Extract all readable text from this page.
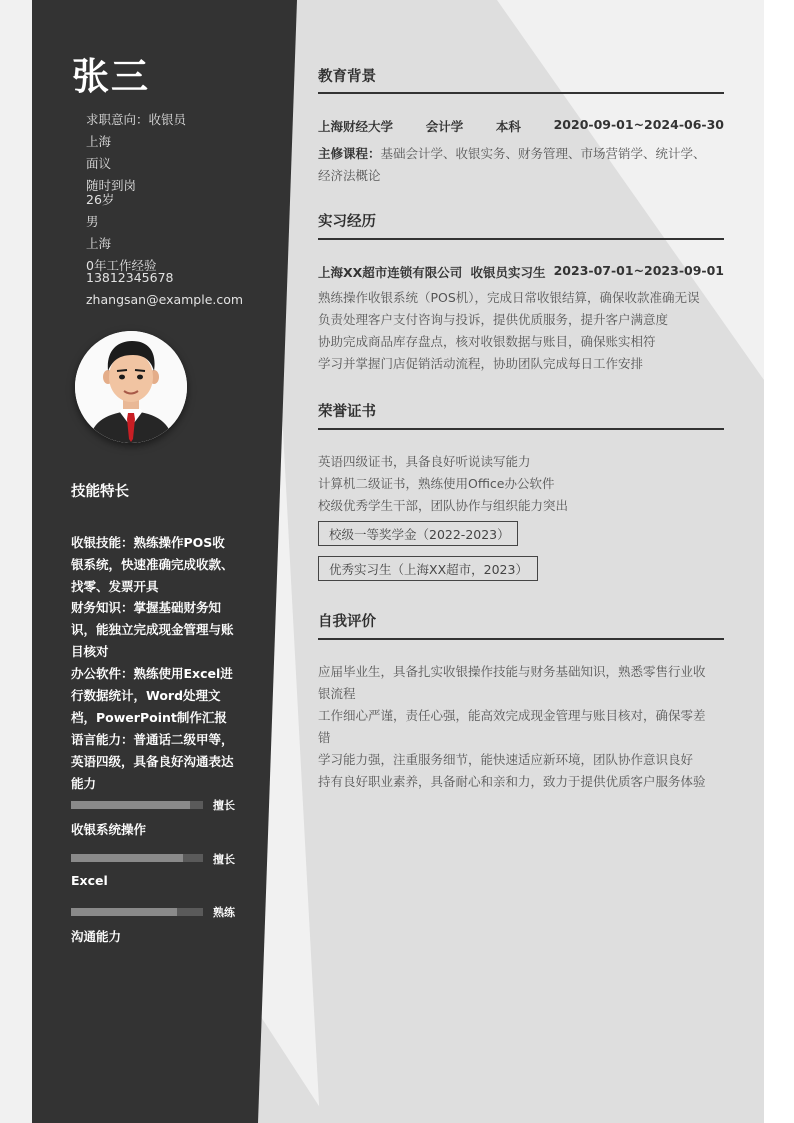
张三
求职意向：收银员
上海
面议
随时到岗
26岁
男
上海
0年工作经验
13812345678
zhangsan@example.com
技能特长
收银技能：熟练操作POS收银系统，快速准确完成收款、找零、发票开具
财务知识：掌握基础财务知识，能独立完成现金管理与账目核对
办公软件：熟练使用Excel进行数据统计，Word处理文档，PowerPoint制作汇报
语言能力：普通话二级甲等，英语四级，具备良好沟通表达能力
擅长
收银系统操作
擅长
Excel
熟练
沟通能力
教育背景
上海财经大学	会计学	本科	2020-09-01~2024-06-30
主修课程：基础会计学、收银实务、财务管理、市场营销学、统计学、
经济法概论
实习经历
上海XX超市连锁有限公司 收银员实习生 2023-07-01~2023-09-01
熟练操作收银系统（POS机），完成日常收银结算，确保收款准确无误
负责处理客户支付咨询与投诉，提供优质服务，提升客户满意度
协助完成商品库存盘点，核对收银数据与账目，确保账实相符
学习并掌握门店促销活动流程，协助团队完成每日工作安排
荣誉证书
英语四级证书，具备良好听说读写能力
计算机二级证书，熟练使用Office办公软件
校级优秀学生干部，团队协作与组织能力突出
校级一等奖学金（2022-2023）
优秀实习生（上海XX超市，2023）
自我评价
应届毕业生，具备扎实收银操作技能与财务基础知识，熟悉零售行业收
银流程
工作细心严谨，责任心强，能高效完成现金管理与账目核对，确保零差
错
学习能力强，注重服务细节，能快速适应新环境，团队协作意识良好
持有良好职业素养，具备耐心和亲和力，致力于提供优质客户服务体验
